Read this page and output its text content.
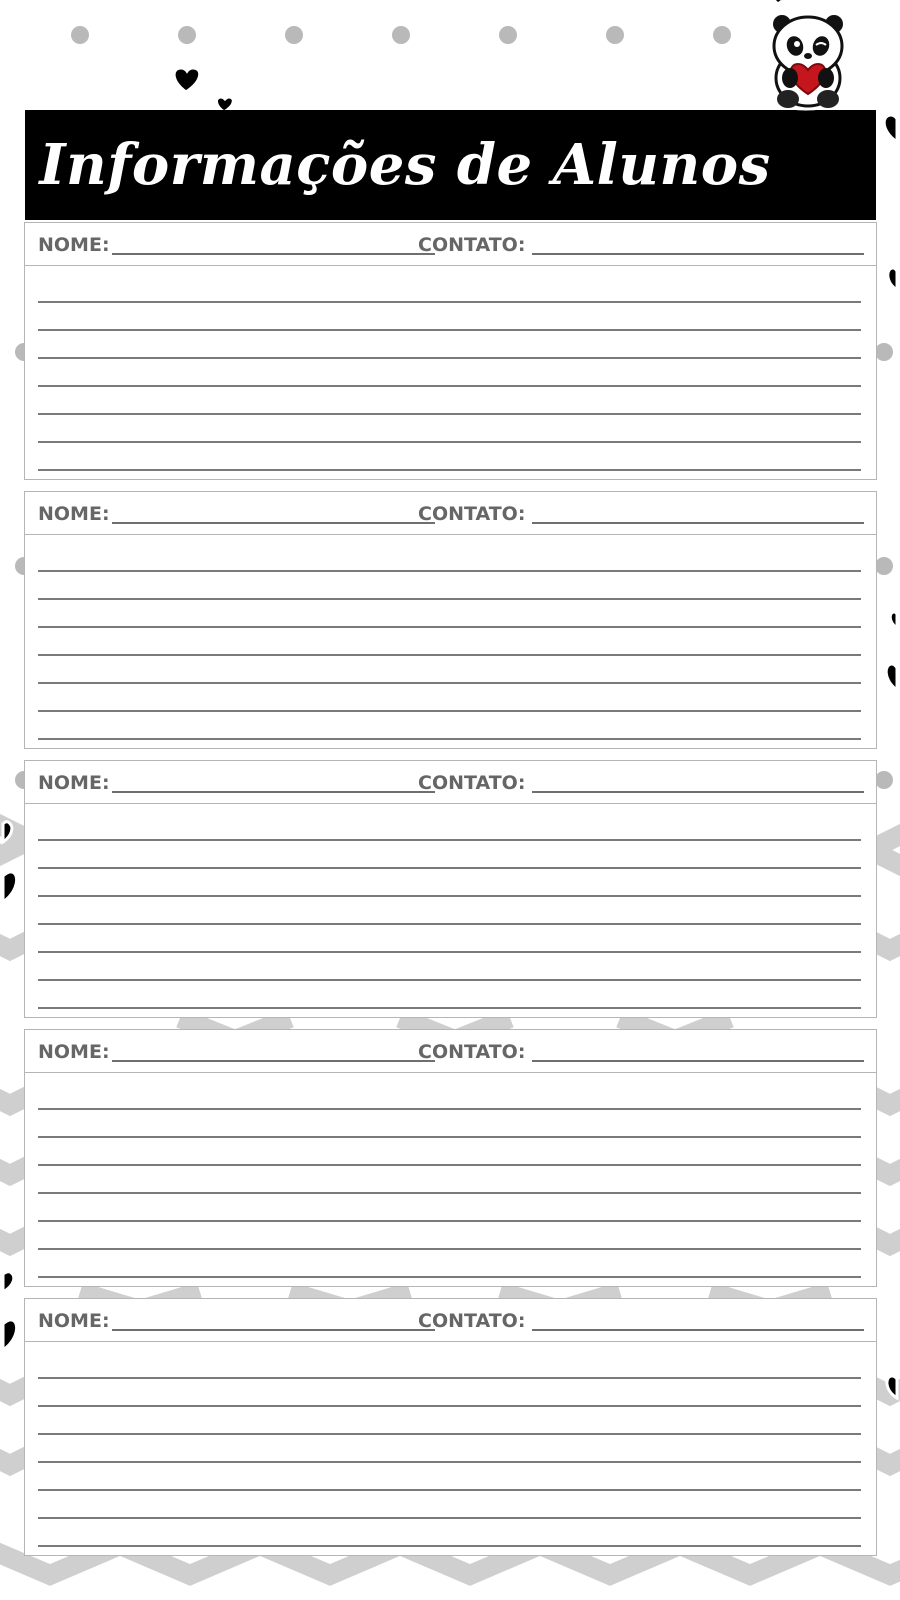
Informações de Alunos
NOME:	CONTATO:
NOME:	CONTATO:
NOME:	CONTATO:
NOME:	CONTATO:
NOME:	CONTATO:
